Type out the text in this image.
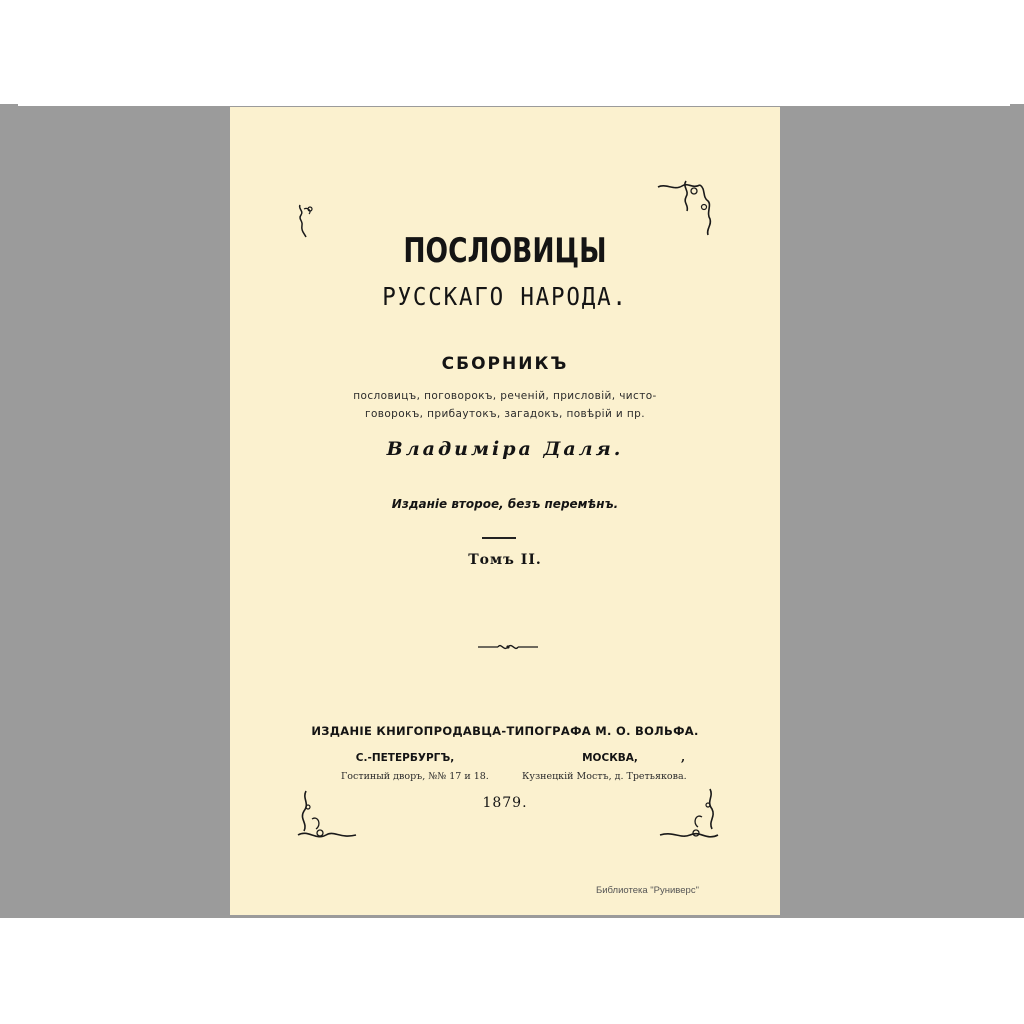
ПОСЛОВИЦЫ
РУССКАГО НАРОДА.
СБОРНИКЪ
пословицъ, поговорокъ, реченій, присловій, чисто-
говорокъ, прибаутокъ, загадокъ, повѣрій и пр.
Владиміра Даля.
Изданіе второе, безъ перемѣнъ.
Томъ II.
ИЗДАНІЕ КНИГОПРОДАВЦА-ТИПОГРАФА М. О. ВОЛЬФА.
С.-ПЕТЕРБУРГЪ,	МОСКВА,	,
Гостиный дворъ, №№ 17 и 18.	Кузнецкій Мостъ, д. Третьякова.
1879.
Библиотека "Руниверс"
